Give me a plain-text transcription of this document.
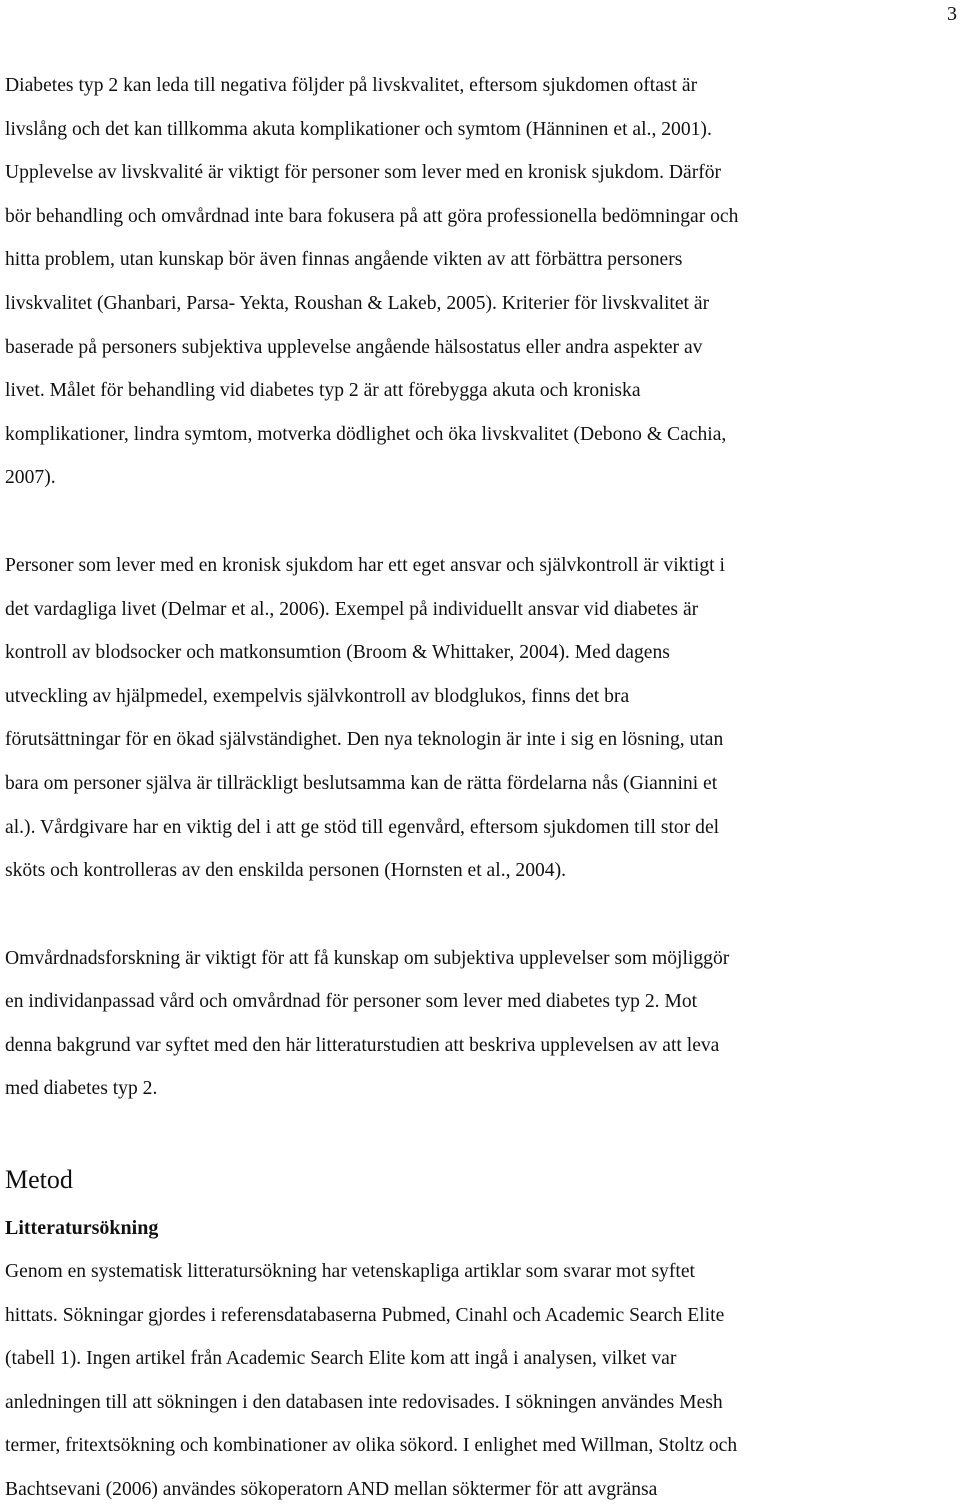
3

Diabetes typ 2 kan leda till negativa följder på livskvalitet, eftersom sjukdomen oftast är
livslång och det kan tillkomma akuta komplikationer och symtom (Hänninen et al., 2001).
Upplevelse av livskvalité är viktigt för personer som lever med en kronisk sjukdom. Därför
bör behandling och omvårdnad inte bara fokusera på att göra professionella bedömningar och
hitta problem, utan kunskap bör även finnas angående vikten av att förbättra personers
livskvalitet (Ghanbari, Parsa- Yekta, Roushan & Lakeb, 2005). Kriterier för livskvalitet är
baserade på personers subjektiva upplevelse angående hälsostatus eller andra aspekter av
livet. Målet för behandling vid diabetes typ 2 är att förebygga akuta och kroniska
komplikationer, lindra symtom, motverka dödlighet och öka livskvalitet (Debono & Cachia,
2007).

Personer som lever med en kronisk sjukdom har ett eget ansvar och självkontroll är viktigt i
det vardagliga livet (Delmar et al., 2006). Exempel på individuellt ansvar vid diabetes är
kontroll av blodsocker och matkonsumtion (Broom & Whittaker, 2004). Med dagens
utveckling av hjälpmedel, exempelvis självkontroll av blodglukos, finns det bra
förutsättningar för en ökad självständighet. Den nya teknologin är inte i sig en lösning, utan
bara om personer själva är tillräckligt beslutsamma kan de rätta fördelarna nås (Giannini et
al.). Vårdgivare har en viktig del i att ge stöd till egenvård, eftersom sjukdomen till stor del
sköts och kontrolleras av den enskilda personen (Hornsten et al., 2004).

Omvårdnadsforskning är viktigt för att få kunskap om subjektiva upplevelser som möjliggör
en individanpassad vård och omvårdnad för personer som lever med diabetes typ 2. Mot
denna bakgrund var syftet med den här litteraturstudien att beskriva upplevelsen av att leva
med diabetes typ 2.

Metod
Litteratursökning

Genom en systematisk litteratursökning har vetenskapliga artiklar som svarar mot syftet
hittats. Sökningar gjordes i referensdatabaserna Pubmed, Cinahl och Academic Search Elite
(tabell 1). Ingen artikel från Academic Search Elite kom att ingå i analysen, vilket var
anledningen till att sökningen i den databasen inte redovisades. I sökningen användes Mesh
termer, fritextsökning och kombinationer av olika sökord. I enlighet med Willman, Stoltz och
Bachtsevani (2006) användes sökoperatorn AND mellan söktermer för att avgränsa
